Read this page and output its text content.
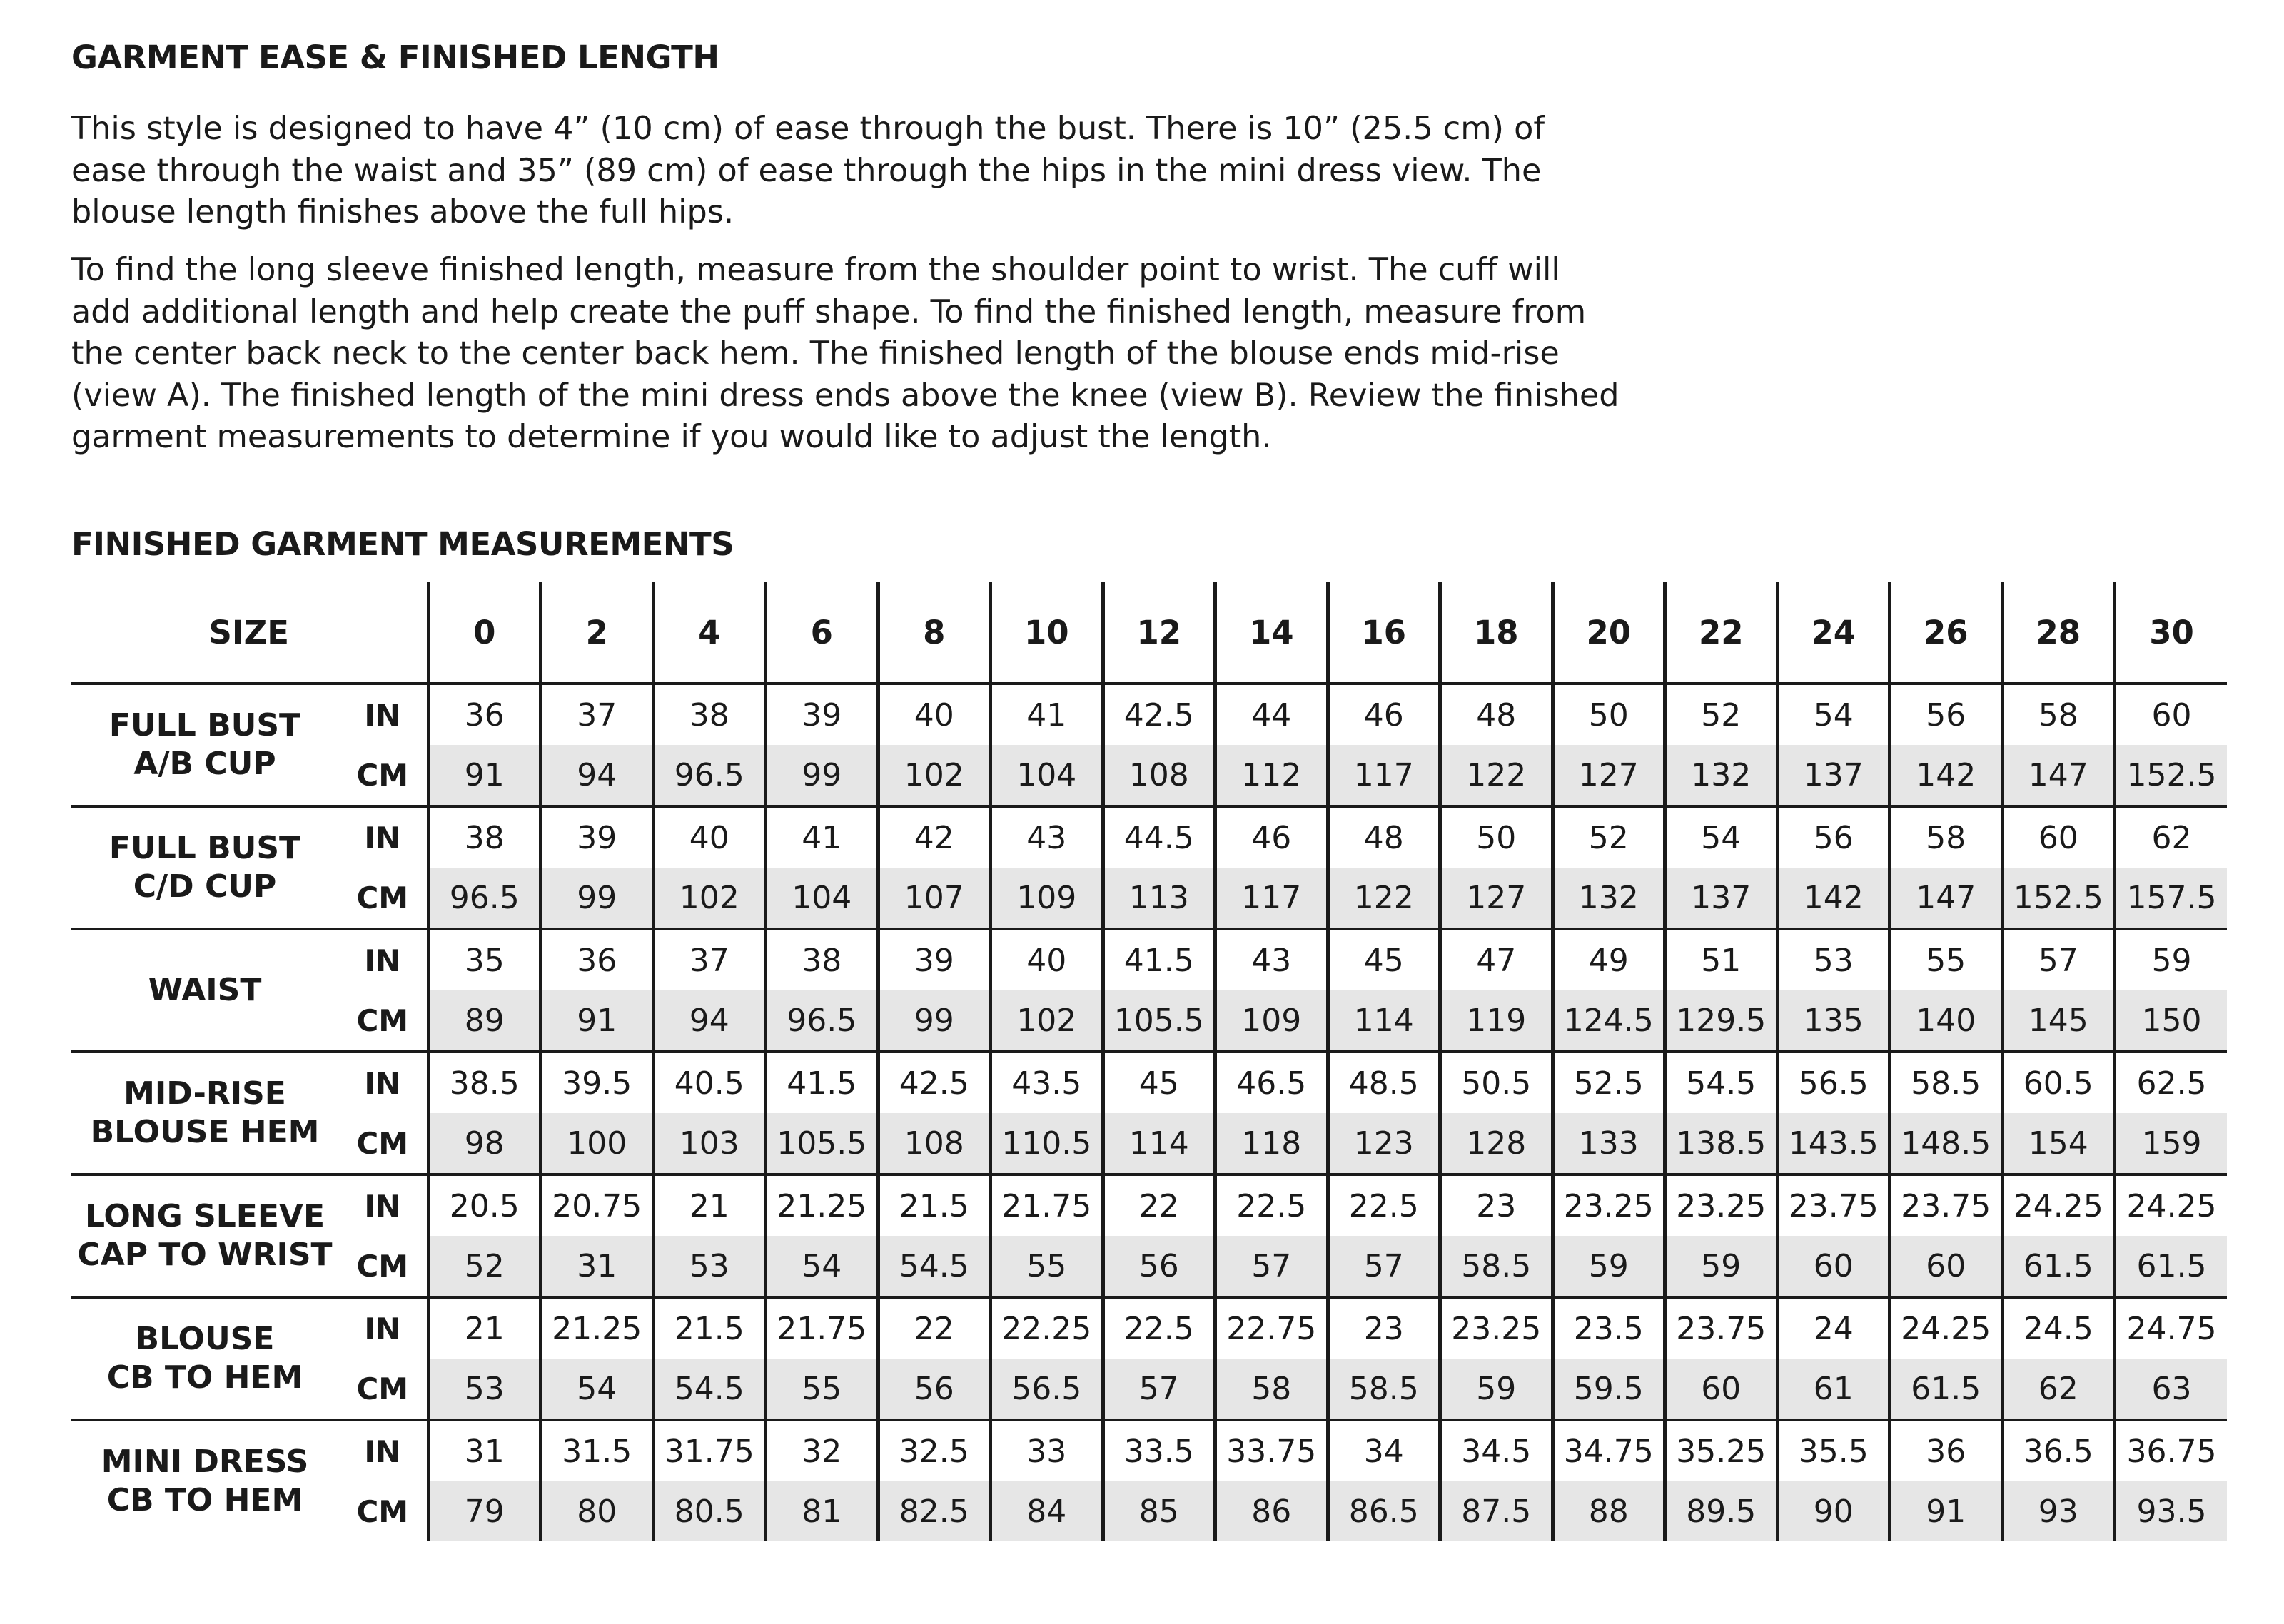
GARMENT EASE & FINISHED LENGTH

This style is designed to have 4” (10 cm) of ease through the bust. There is 10” (25.5 cm) of ease through the waist and 35” (89 cm) of ease through the hips in the mini dress view. The blouse length finishes above the full hips.

To find the long sleeve finished length, measure from the shoulder point to wrist. The cuff will add additional length and help create the puff shape. To find the finished length, measure from the center back neck to the center back hem. The finished length of the blouse ends mid-rise (view A). The finished length of the mini dress ends above the knee (view B). Review the finished garment measurements to determine if you would like to adjust the length.

FINISHED GARMENT MEASUREMENTS
SIZE		0	2	4	6	8	10	12	14	16	18	20	22	24	26	28	30

FULL BUST
A/B CUP	IN	36	37	38	39	40	41	42.5	44	46	48	50	52	54	56	58	60
	CM	91	94	96.5	99	102	104	108	112	117	122	127	132	137	142	147	152.5

FULL BUST
C/D CUP	IN	38	39	40	41	42	43	44.5	46	48	50	52	54	56	58	60	62
	CM	96.5	99	102	104	107	109	113	117	122	127	132	137	142	147	152.5	157.5

WAIST	IN	35	36	37	38	39	40	41.5	43	45	47	49	51	53	55	57	59
	CM	89	91	94	96.5	99	102	105.5	109	114	119	124.5	129.5	135	140	145	150

MID-RISE
BLOUSE HEM	IN	38.5	39.5	40.5	41.5	42.5	43.5	45	46.5	48.5	50.5	52.5	54.5	56.5	58.5	60.5	62.5
	CM	98	100	103	105.5	108	110.5	114	118	123	128	133	138.5	143.5	148.5	154	159

LONG SLEEVE
CAP TO WRIST	IN	20.5	20.75	21	21.25	21.5	21.75	22	22.5	22.5	23	23.25	23.25	23.75	23.75	24.25	24.25
	CM	52	31	53	54	54.5	55	56	57	57	58.5	59	59	60	60	61.5	61.5

BLOUSE
CB TO HEM	IN	21	21.25	21.5	21.75	22	22.25	22.5	22.75	23	23.25	23.5	23.75	24	24.25	24.5	24.75
	CM	53	54	54.5	55	56	56.5	57	58	58.5	59	59.5	60	61	61.5	62	63

MINI DRESS
CB TO HEM	IN	31	31.5	31.75	32	32.5	33	33.5	33.75	34	34.5	34.75	35.25	35.5	36	36.5	36.75
	CM	79	80	80.5	81	82.5	84	85	86	86.5	87.5	88	89.5	90	91	93	93.5
